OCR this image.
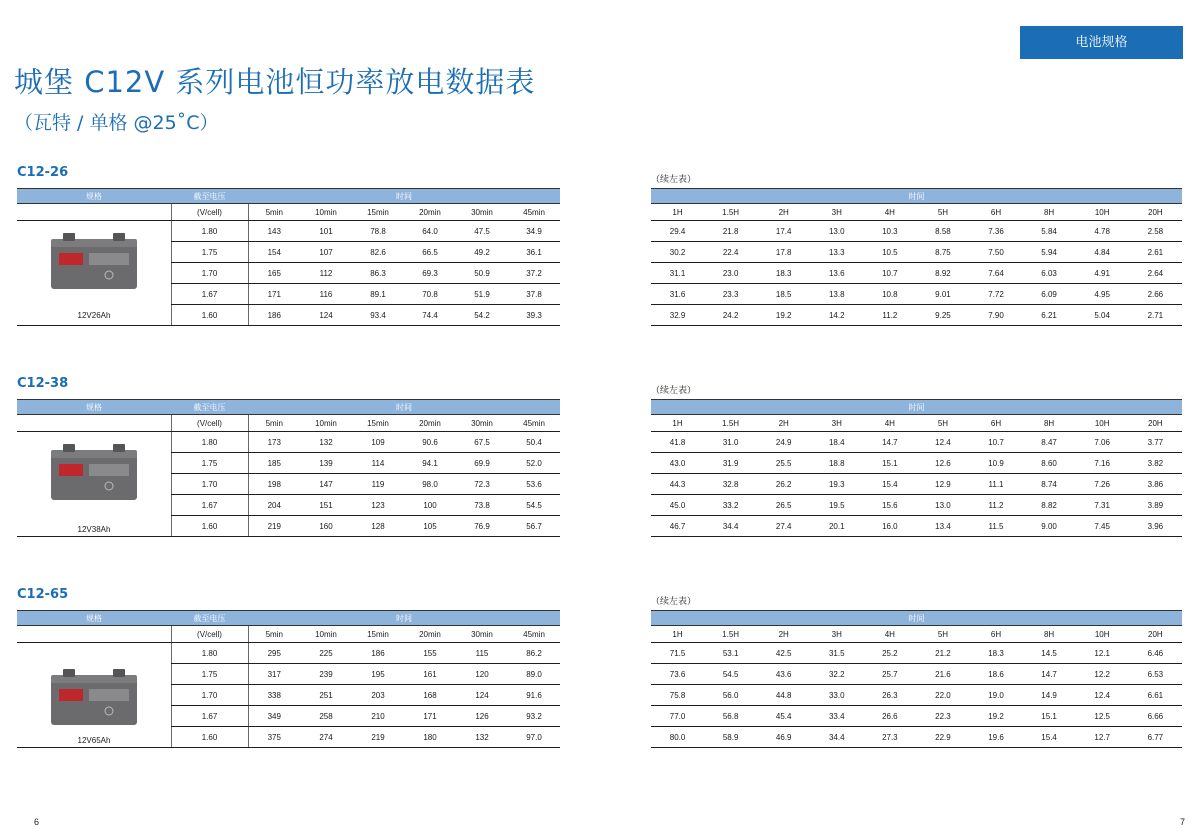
电池规格
城堡 C12V 系列电池恒功率放电数据表
（瓦特 / 单格 @25˚C）
C12-26	（续左表）
规格	截至电压	时间					
	(V/cell)	5min	10min	15min	20min	30min	45min

12V26Ah	1.80	143	101	78.8	64.0	47.5	34.9
	1.75	154	107	82.6	66.5	49.2	36.1
	1.70	165	112	86.3	69.3	50.9	37.2
	1.67	171	116	89.1	70.8	51.9	37.8
	1.60	186	124	93.4	74.4	54.2	39.3
时间									
1H	1.5H	2H	3H	4H	5H	6H	8H	10H	20H
29.4	21.8	17.4	13.0	10.3	8.58	7.36	5.84	4.78	2.58
30.2	22.4	17.8	13.3	10.5	8.75	7.50	5.94	4.84	2.61
31.1	23.0	18.3	13.6	10.7	8.92	7.64	6.03	4.91	2.64
31.6	23.3	18.5	13.8	10.8	9.01	7.72	6.09	4.95	2.66
32.9	24.2	19.2	14.2	11.2	9.25	7.90	6.21	5.04	2.71
C12-38	（续左表）
规格	截至电压	时间					
	(V/cell)	5min	10min	15min	20min	30min	45min

12V38Ah	1.80	173	132	109	90.6	67.5	50.4
	1.75	185	139	114	94.1	69.9	52.0
	1.70	198	147	119	98.0	72.3	53.6
	1.67	204	151	123	100	73.8	54.5
	1.60	219	160	128	105	76.9	56.7
时间									
1H	1.5H	2H	3H	4H	5H	6H	8H	10H	20H
41.8	31.0	24.9	18.4	14.7	12.4	10.7	8.47	7.06	3.77
43.0	31.9	25.5	18.8	15.1	12.6	10.9	8.60	7.16	3.82
44.3	32.8	26.2	19.3	15.4	12.9	11.1	8.74	7.26	3.86
45.0	33.2	26.5	19.5	15.6	13.0	11.2	8.82	7.31	3.89
46.7	34.4	27.4	20.1	16.0	13.4	11.5	9.00	7.45	3.96
C12-65	（续左表）
规格	截至电压	时间					
	(V/cell)	5min	10min	15min	20min	30min	45min

12V65Ah	1.80	295	225	186	155	115	86.2
	1.75	317	239	195	161	120	89.0
	1.70	338	251	203	168	124	91.6
	1.67	349	258	210	171	126	93.2
	1.60	375	274	219	180	132	97.0
时间									
1H	1.5H	2H	3H	4H	5H	6H	8H	10H	20H
71.5	53.1	42.5	31.5	25.2	21.2	18.3	14.5	12.1	6.46
73.6	54.5	43.6	32.2	25.7	21.6	18.6	14.7	12.2	6.53
75.8	56.0	44.8	33.0	26.3	22.0	19.0	14.9	12.4	6.61
77.0	56.8	45.4	33.4	26.6	22.3	19.2	15.1	12.5	6.66
80.0	58.9	46.9	34.4	27.3	22.9	19.6	15.4	12.7	6.77
6	7
